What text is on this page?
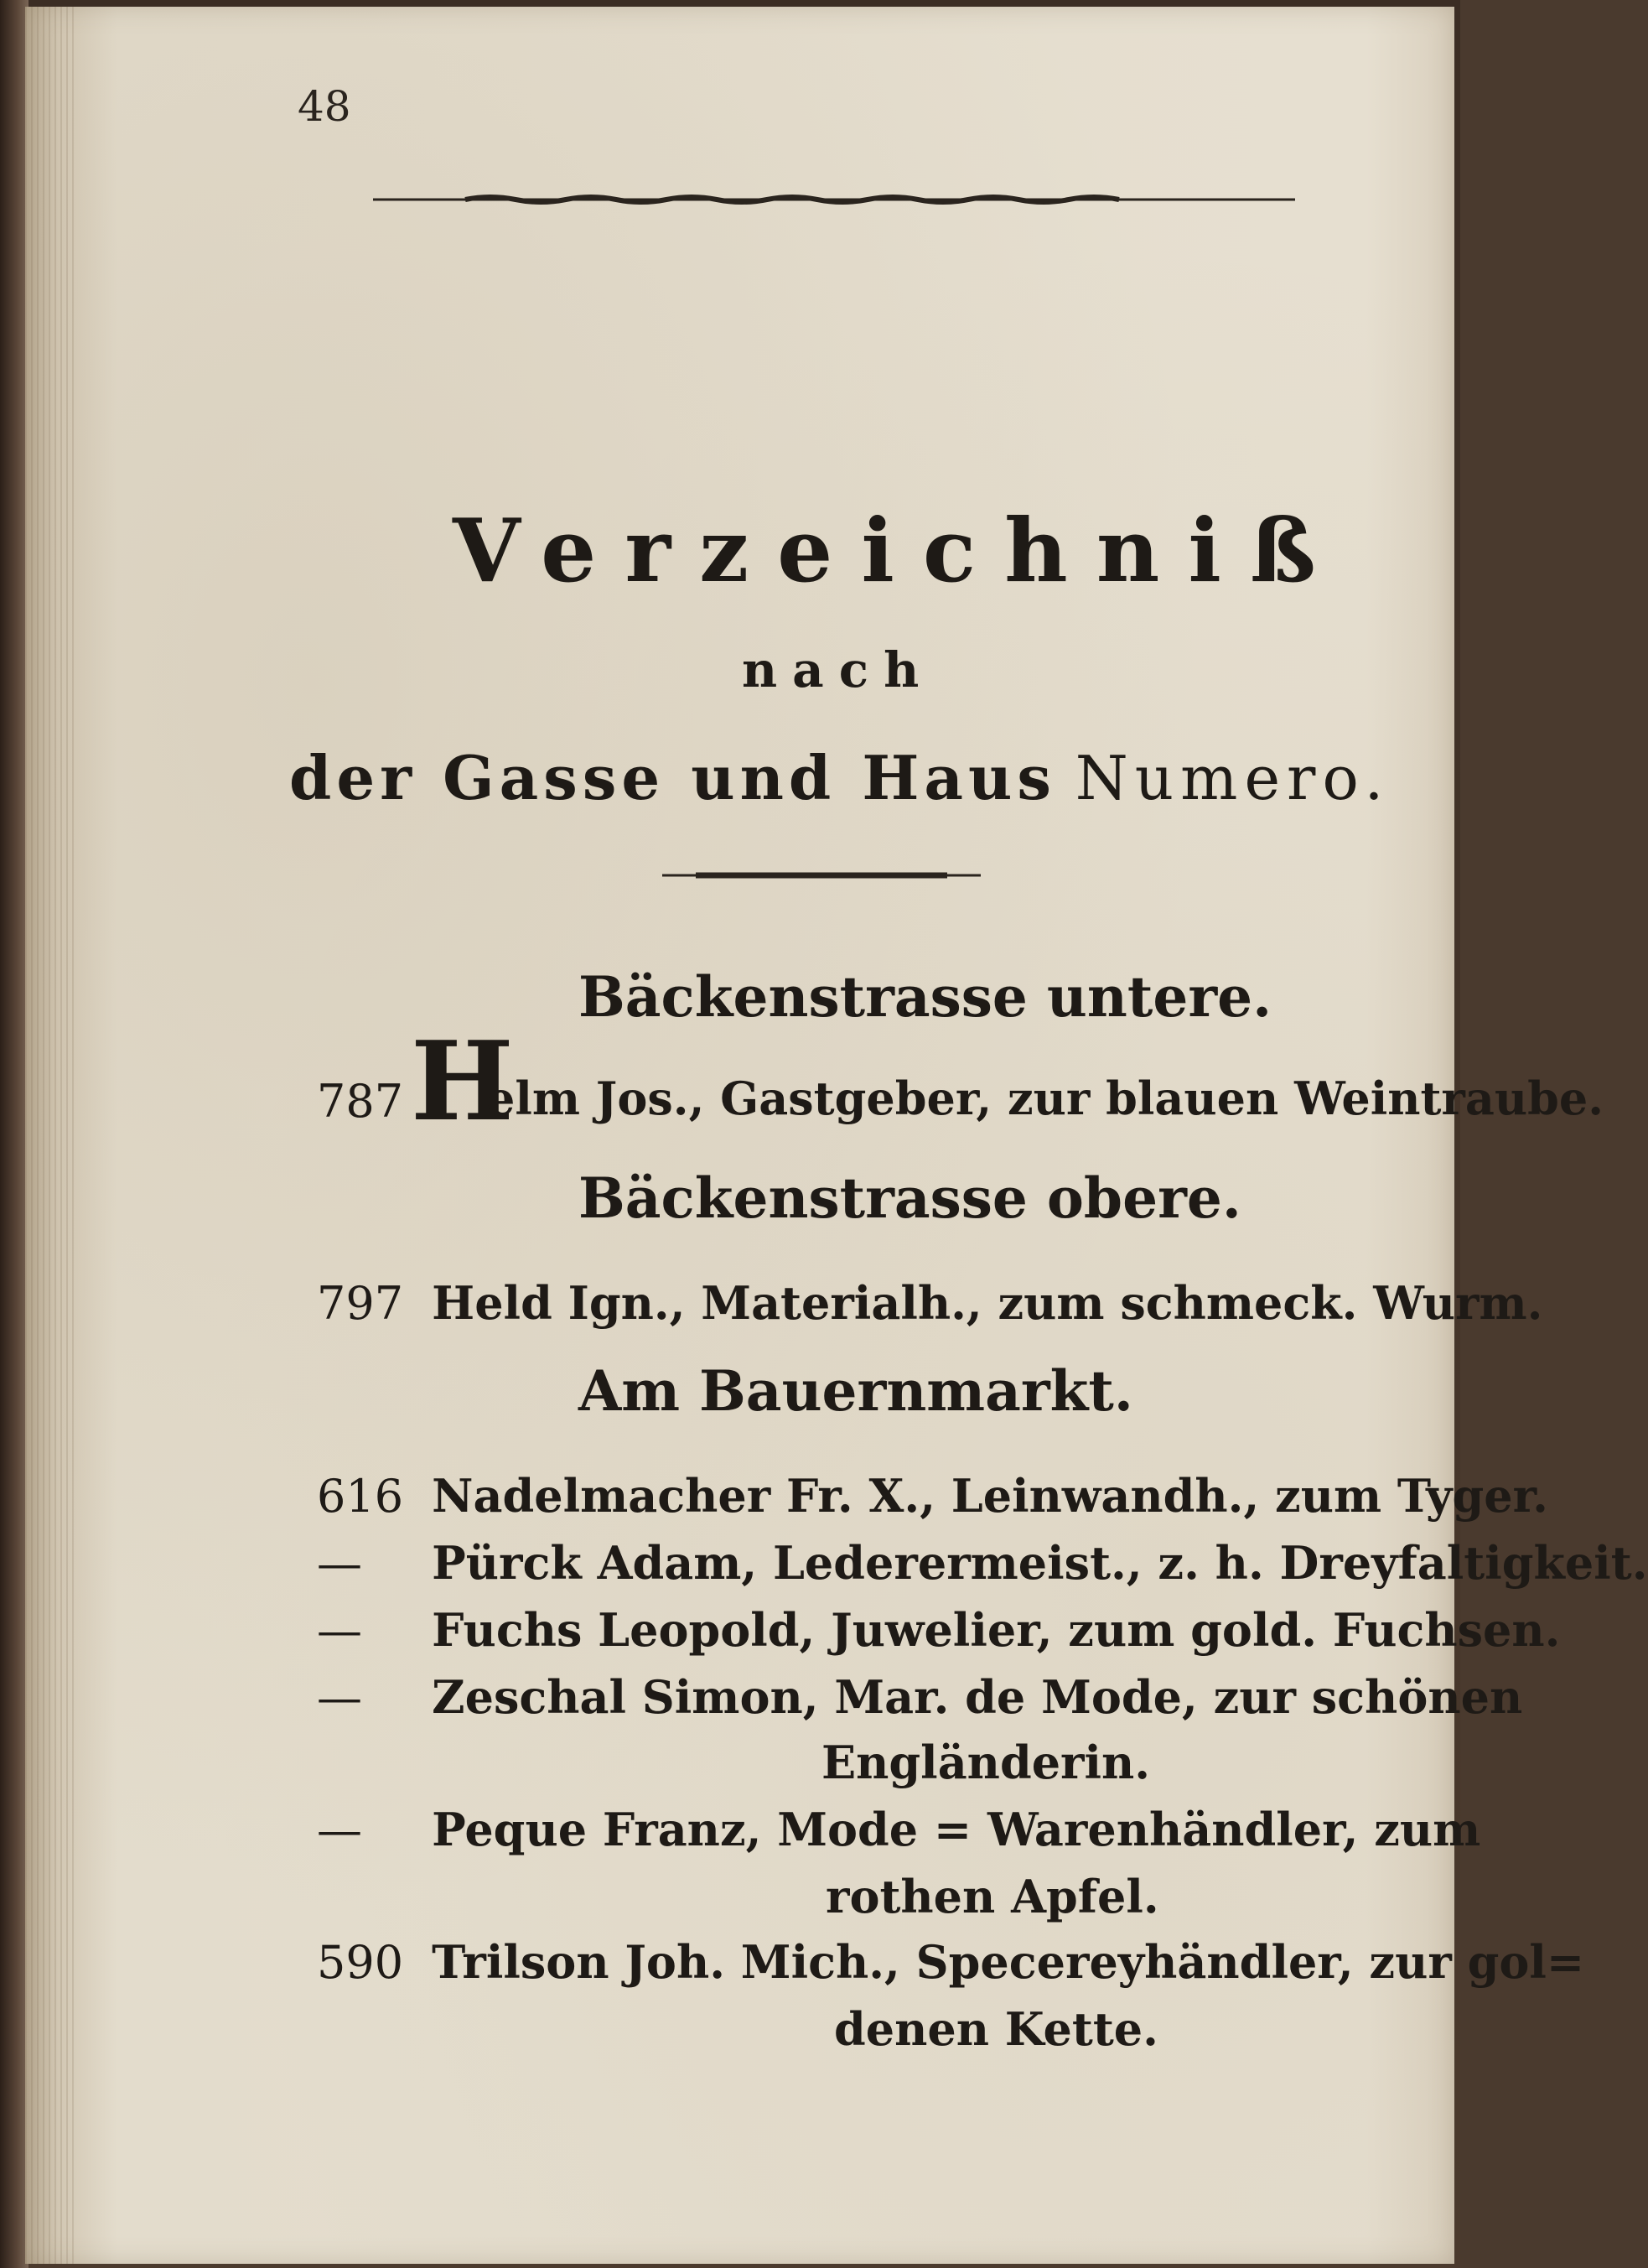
48
Verzeichniß
nach
der Gasse und Haus Numero.
Bäckenstrasse untere.
787 H
elm Jos., Gastgeber, zur blauen Weintraube.
Bäckenstrasse obere.
797 Held Ign., Materialh., zum schmeck. Wurm.
Am Bauernmarkt.
616 Nadelmacher Fr. X., Leinwandh., zum Tyger.
— Pürck Adam, Lederermeist., z. h. Dreyfaltigkeit.
— Fuchs Leopold, Juwelier, zum gold. Fuchsen.
— Zeschal Simon, Mar. de Mode, zur schönen
Engländerin.
— Peque Franz, Mode = Warenhändler, zum
rothen Apfel.
590 Trilson Joh. Mich., Specereyhändler, zur gol=
denen Kette.
